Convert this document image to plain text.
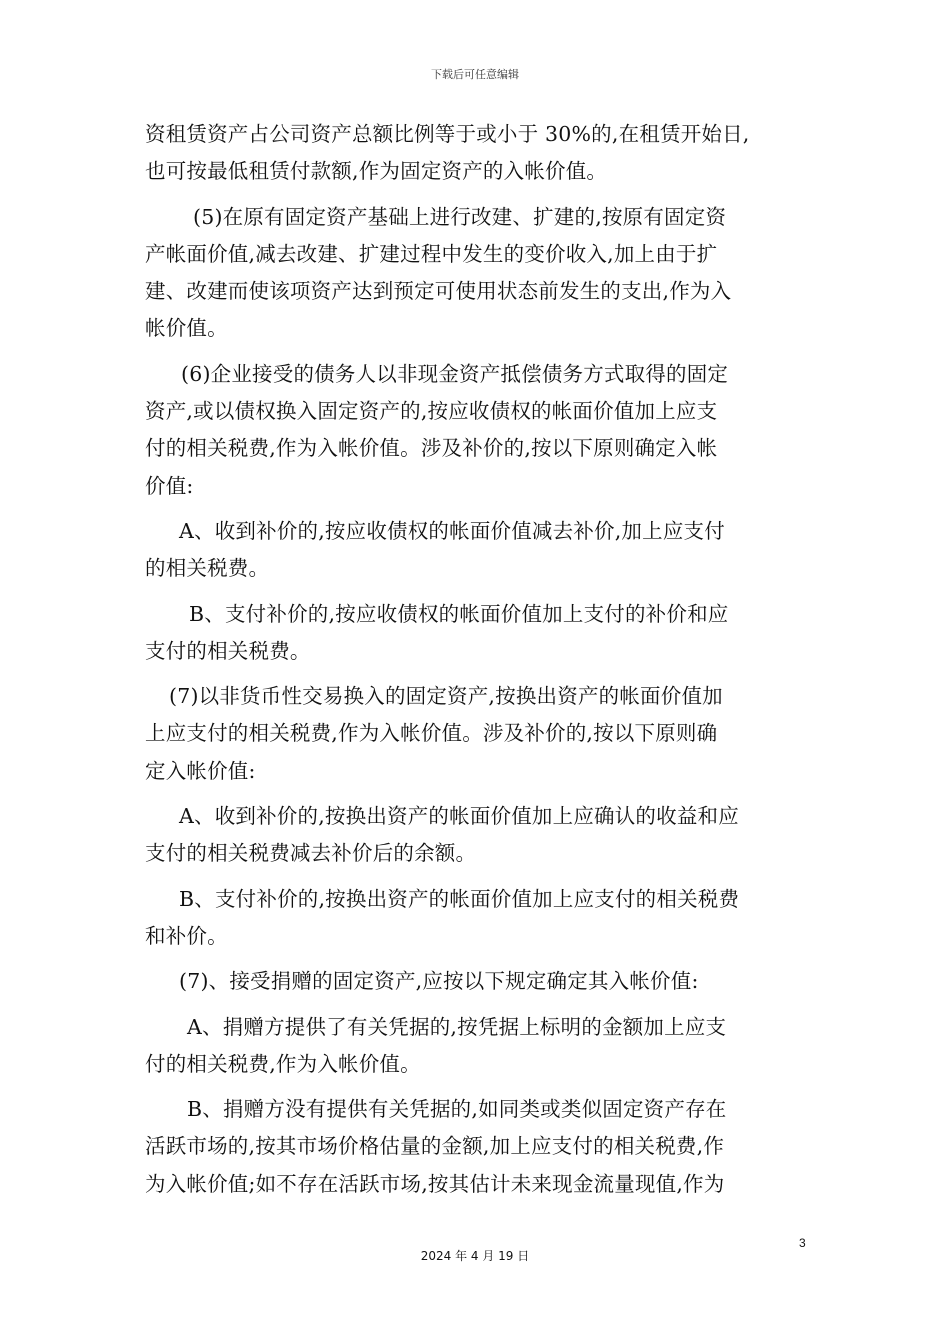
下载后可任意编辑
资租赁资产占公司资产总额比例等于或小于 30%的,在租赁开始日,
也可按最低租赁付款额,作为固定资产的入帐价值。
(5)在原有固定资产基础上进行改建、扩建的,按原有固定资
产帐面价值,减去改建、扩建过程中发生的变价收入,加上由于扩
建、改建而使该项资产达到预定可使用状态前发生的支出,作为入
帐价值。
(6)企业接受的债务人以非现金资产抵偿债务方式取得的固定
资产,或以债权换入固定资产的,按应收债权的帐面价值加上应支
付的相关税费,作为入帐价值。涉及补价的,按以下原则确定入帐
价值:
A、收到补价的,按应收债权的帐面价值减去补价,加上应支付
的相关税费。
B、支付补价的,按应收债权的帐面价值加上支付的补价和应
支付的相关税费。
(7)以非货币性交易换入的固定资产,按换出资产的帐面价值加
上应支付的相关税费,作为入帐价值。涉及补价的,按以下原则确
定入帐价值:
A、收到补价的,按换出资产的帐面价值加上应确认的收益和应
支付的相关税费减去补价后的余额。
B、支付补价的,按换出资产的帐面价值加上应支付的相关税费
和补价。
(7)、接受捐赠的固定资产,应按以下规定确定其入帐价值:
A、捐赠方提供了有关凭据的,按凭据上标明的金额加上应支
付的相关税费,作为入帐价值。
B、捐赠方没有提供有关凭据的,如同类或类似固定资产存在
活跃市场的,按其市场价格估量的金额,加上应支付的相关税费,作
为入帐价值;如不存在活跃市场,按其估计未来现金流量现值,作为
3
2024 年 4 月 19 日
